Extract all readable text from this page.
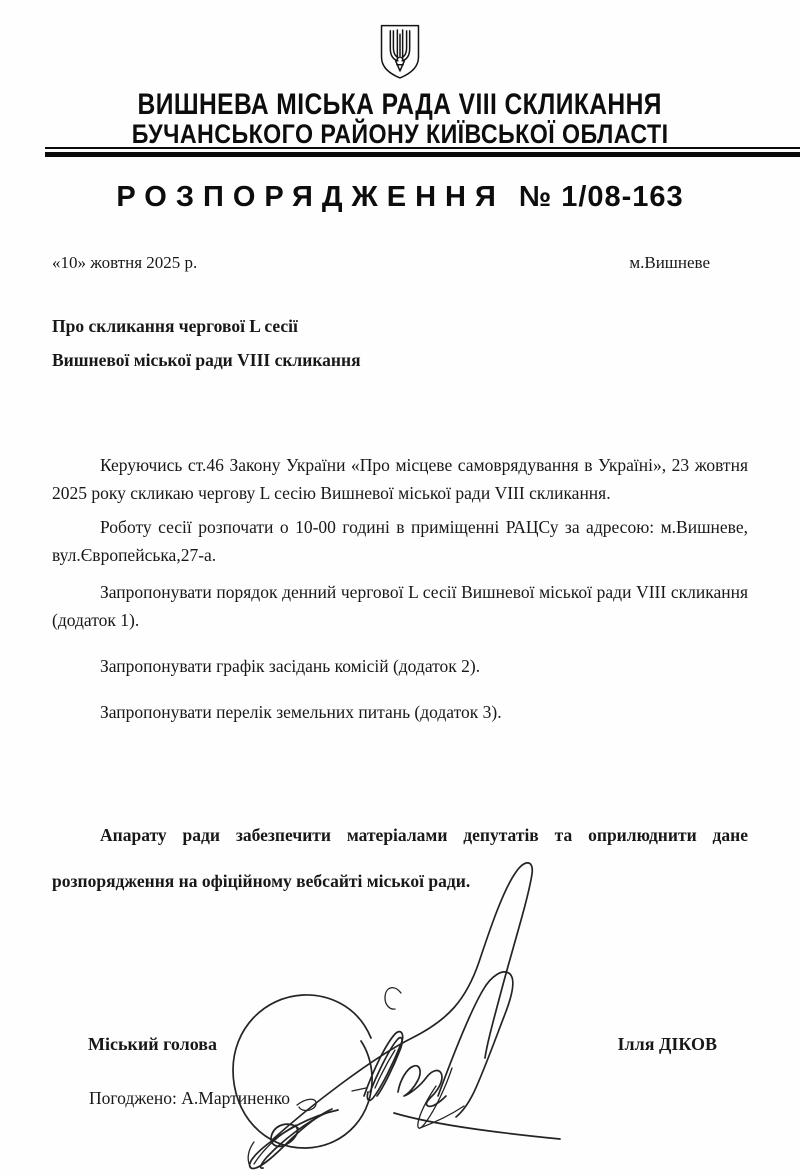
ВИШНЕВА МІСЬКА РАДА VIII СКЛИКАННЯ
БУЧАНСЬКОГО РАЙОНУ КИЇВСЬКОЇ ОБЛАСТІ
РОЗПОРЯДЖЕННЯ № 1/08-163
«10» жовтня 2025 р.	м.Вишневе
Про скликання чергової L сесії
Вишневої міської ради VIII скликання

Керуючись ст.46 Закону України «Про місцеве самоврядування в Україні», 23 жовтня 2025 року скликаю чергову L сесію Вишневої міської ради VIII скликання.

Роботу сесії розпочати о 10-00 годині в приміщенні РАЦСу за адресою: м.Вишневе, вул.Європейська,27-а.

Запропонувати порядок денний чергової L сесії Вишневої міської ради VIII скликання (додаток 1).

Запропонувати графік засідань комісій (додаток 2).

Запропонувати перелік земельних питань (додаток 3).

Апарату ради забезпечити матеріалами депутатів та оприлюднити дане розпорядження на офіційному вебсайті міської ради.

Міський голова	Ілля ДІКОВ
Погоджено: А.Мартиненко
